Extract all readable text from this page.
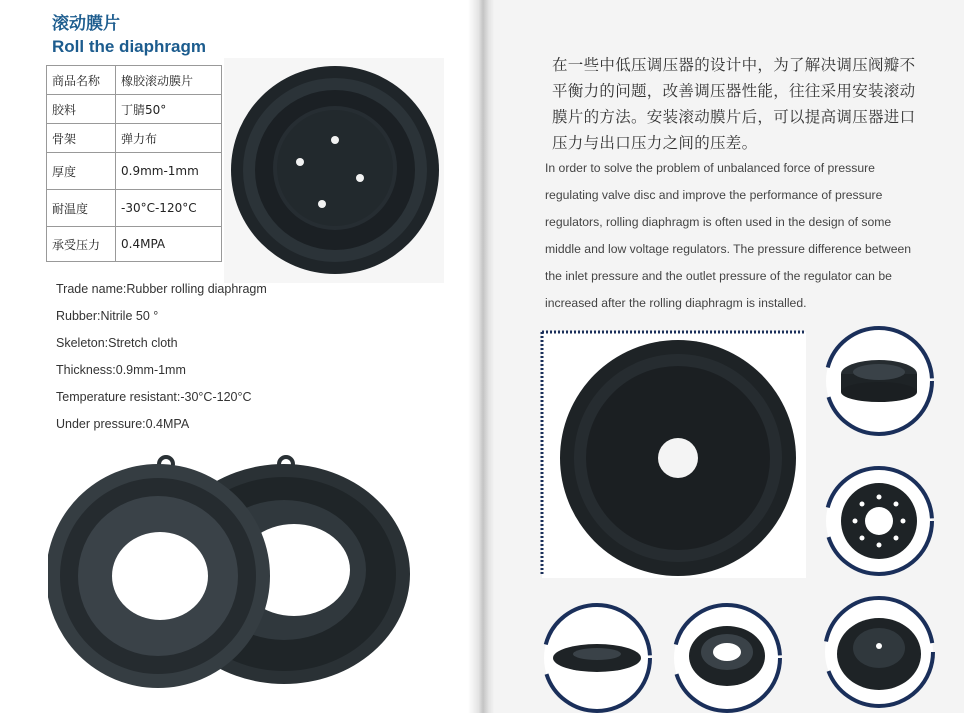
滚动膜片
Roll the diaphragm
商品名称	橡胶滚动膜片
胶料	丁腈50°
骨架	弹力布
厚度	0.9mm-1mm
耐温度	-30°C-120°C
承受压力	0.4MPA
Trade name:Rubber rolling diaphragm
Rubber:Nitrile 50 °
Skeleton:Stretch cloth
Thickness:0.9mm-1mm
Temperature resistant:-30°C-120°C
Under pressure:0.4MPA
在一些中低压调压器的设计中，为了解决调压阀瓣不平衡力的问题，改善调压器性能，往往采用安装滚动膜片的方法。安装滚动膜片后，可以提高调压器进口压力与出口压力之间的压差。
In order to solve the problem of unbalanced force of pressure regulating valve disc and improve the performance of pressure regulators, rolling diaphragm is often used in the design of some middle and low voltage regulators. The pressure difference between the inlet pressure and the outlet pressure of the regulator can be increased after the rolling diaphragm is installed.
